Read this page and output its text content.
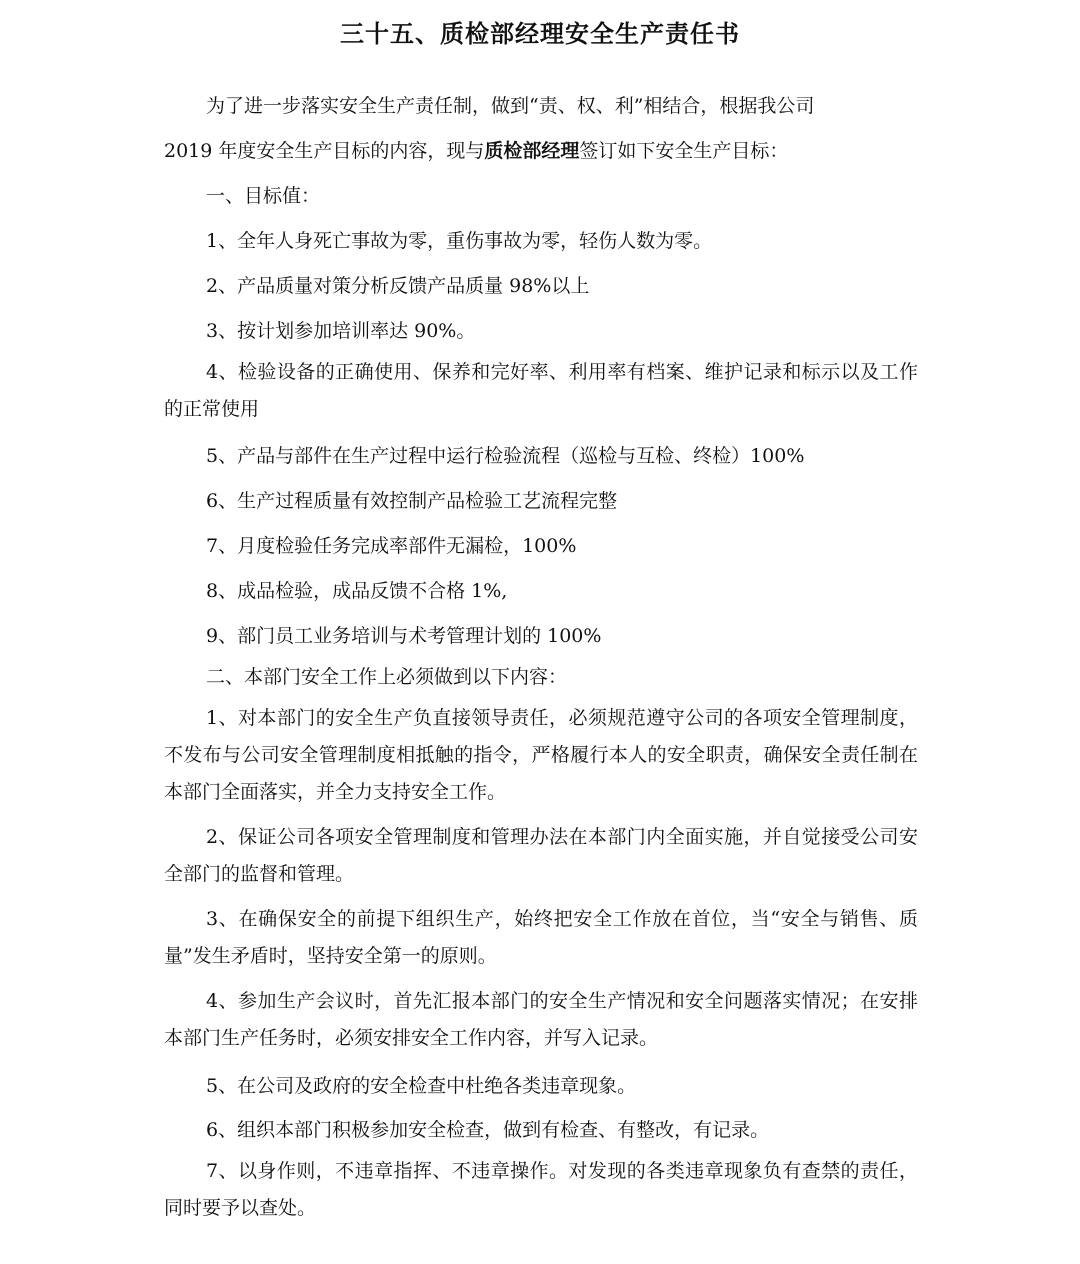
三十五、质检部经理安全生产责任书

为了进一步落实安全生产责任制，做到“责、权、利”相结合，根据我公司
2019 年度安全生产目标的内容，现与质检部经理签订如下安全生产目标：

一、目标值：

1、全年人身死亡事故为零，重伤事故为零，轻伤人数为零。

2、产品质量对策分析反馈产品质量 98%以上

3、按计划参加培训率达 90%。

4、检验设备的正确使用、保养和完好率、利用率有档案、维护记录和标示以及工作的正常使用

5、产品与部件在生产过程中运行检验流程（巡检与互检、终检）100%

6、生产过程质量有效控制产品检验工艺流程完整

7、月度检验任务完成率部件无漏检，100%

8、成品检验，成品反馈不合格 1%,

9、部门员工业务培训与术考管理计划的 100%

二、本部门安全工作上必须做到以下内容：

1、对本部门的安全生产负直接领导责任，必须规范遵守公司的各项安全管理制度，不发布与公司安全管理制度相抵触的指令，严格履行本人的安全职责，确保安全责任制在本部门全面落实，并全力支持安全工作。

2、保证公司各项安全管理制度和管理办法在本部门内全面实施，并自觉接受公司安全部门的监督和管理。

3、在确保安全的前提下组织生产，始终把安全工作放在首位，当“安全与销售、质量”发生矛盾时，坚持安全第一的原则。

4、参加生产会议时，首先汇报本部门的安全生产情况和安全问题落实情况；在安排本部门生产任务时，必须安排安全工作内容，并写入记录。

5、在公司及政府的安全检查中杜绝各类违章现象。

6、组织本部门积极参加安全检查，做到有检查、有整改，有记录。

7、以身作则，不违章指挥、不违章操作。对发现的各类违章现象负有查禁的责任，同时要予以查处。
